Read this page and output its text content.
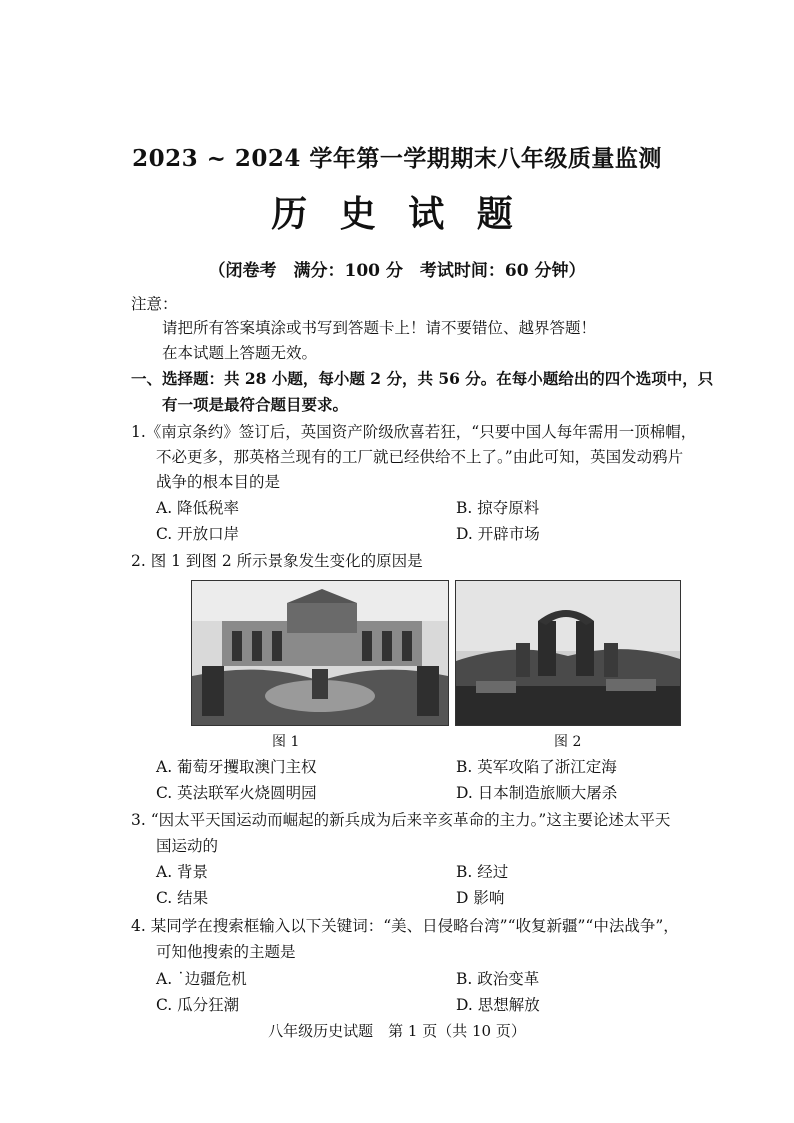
2023 ~ 2024 学年第一学期期末八年级质量监测
历 史 试 题
（闭卷考　满分：100 分　考试时间：60 分钟）
注意：
请把所有答案填涂或书写到答题卡上！请不要错位、越界答题！
在本试题上答题无效。
一、选择题：共 28 小题，每小题 2 分，共 56 分。在每小题给出的四个选项中，只
有一项是最符合题目要求。
1.《南京条约》签订后，英国资产阶级欣喜若狂，“只要中国人每年需用一顶棉帽，
不必更多，那英格兰现有的工厂就已经供给不上了。”由此可知，英国发动鸦片
战争的根本目的是
A. 降低税率	B. 掠夺原料
C. 开放口岸	D. 开辟市场
2. 图 1 到图 2 所示景象发生变化的原因是
图 1	图 2
A. 葡萄牙攫取澳门主权	B. 英军攻陷了浙江定海
C. 英法联军火烧圆明园	D. 日本制造旅顺大屠杀
3. “因太平天国运动而崛起的新兵成为后来辛亥革命的主力。”这主要论述太平天
国运动的
A. 背景	B. 经过
C. 结果	D 影响
4. 某同学在搜索框输入以下关键词：“美、日侵略台湾”“收复新疆”“中法战争”，
可知他搜索的主题是
A. ˙边疆危机	B. 政治变革
C. 瓜分狂潮	D. 思想解放
八年级历史试题　第 1 页（共 10 页）
